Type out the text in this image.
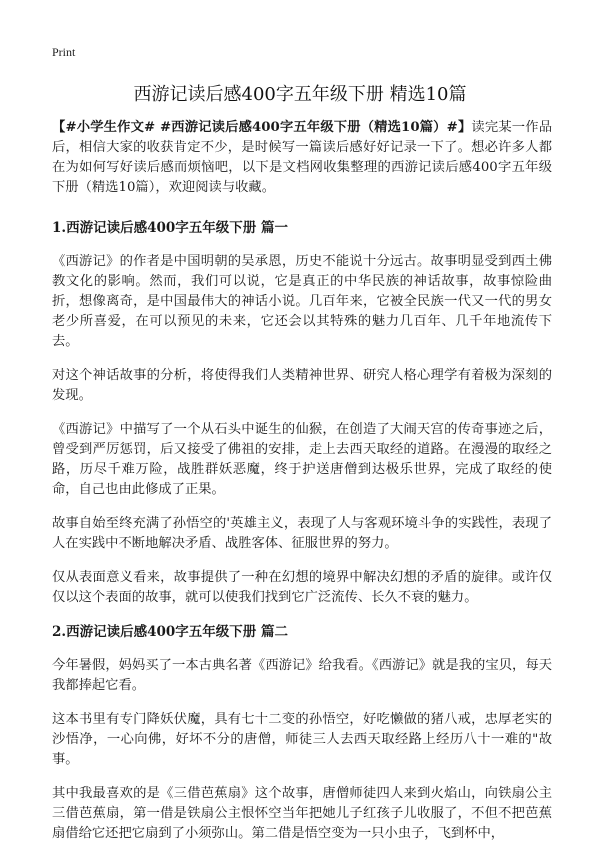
Print
西游记读后感400字五年级下册 精选10篇

【#小学生作文# #西游记读后感400字五年级下册（精选10篇）#】读完某一作品后，相信大家的收获肯定不少，是时候写一篇读后感好好记录一下了。想必许多人都在为如何写好读后感而烦恼吧，以下是文档网收集整理的西游记读后感400字五年级下册（精选10篇），欢迎阅读与收藏。

1.西游记读后感400字五年级下册 篇一

《西游记》的作者是中国明朝的吴承恩，历史不能说十分远古。故事明显受到西土佛教文化的影响。然而，我们可以说，它是真正的中华民族的神话故事，故事惊险曲折，想像离奇，是中国最伟大的神话小说。几百年来，它被全民族一代又一代的男女老少所喜爱，在可以预见的未来，它还会以其特殊的魅力几百年、几千年地流传下去。

对这个神话故事的分析，将使得我们人类精神世界、研究人格心理学有着极为深刻的发现。

《西游记》中描写了一个从石头中诞生的仙猴，在创造了大闹天宫的传奇事迹之后，曾受到严厉惩罚，后又接受了佛祖的安排，走上去西天取经的道路。在漫漫的取经之路，历尽千难万险，战胜群妖恶魔，终于护送唐僧到达极乐世界，完成了取经的使命，自己也由此修成了正果。

故事自始至终充满了孙悟空的'英雄主义，表现了人与客观环境斗争的实践性，表现了人在实践中不断地解决矛盾、战胜客体、征服世界的努力。

仅从表面意义看来，故事提供了一种在幻想的境界中解决幻想的矛盾的旋律。或许仅仅以这个表面的故事，就可以使我们找到它广泛流传、长久不衰的魅力。

2.西游记读后感400字五年级下册 篇二

今年暑假，妈妈买了一本古典名著《西游记》给我看。《西游记》就是我的宝贝，每天我都捧起它看。

这本书里有专门降妖伏魔，具有七十二变的孙悟空，好吃懒做的猪八戒，忠厚老实的沙悟净，一心向佛，好坏不分的唐僧，师徒三人去西天取经路上经历八十一难的"故事。

其中我最喜欢的是《三借芭蕉扇》这个故事，唐僧师徒四人来到火焰山，向铁扇公主三借芭蕉扇，第一借是铁扇公主恨怀空当年把她儿子红孩子儿收服了，不但不把芭蕉扇借给它还把它扇到了小须弥山。第二借是悟空变为一只小虫子，飞到杯中，
